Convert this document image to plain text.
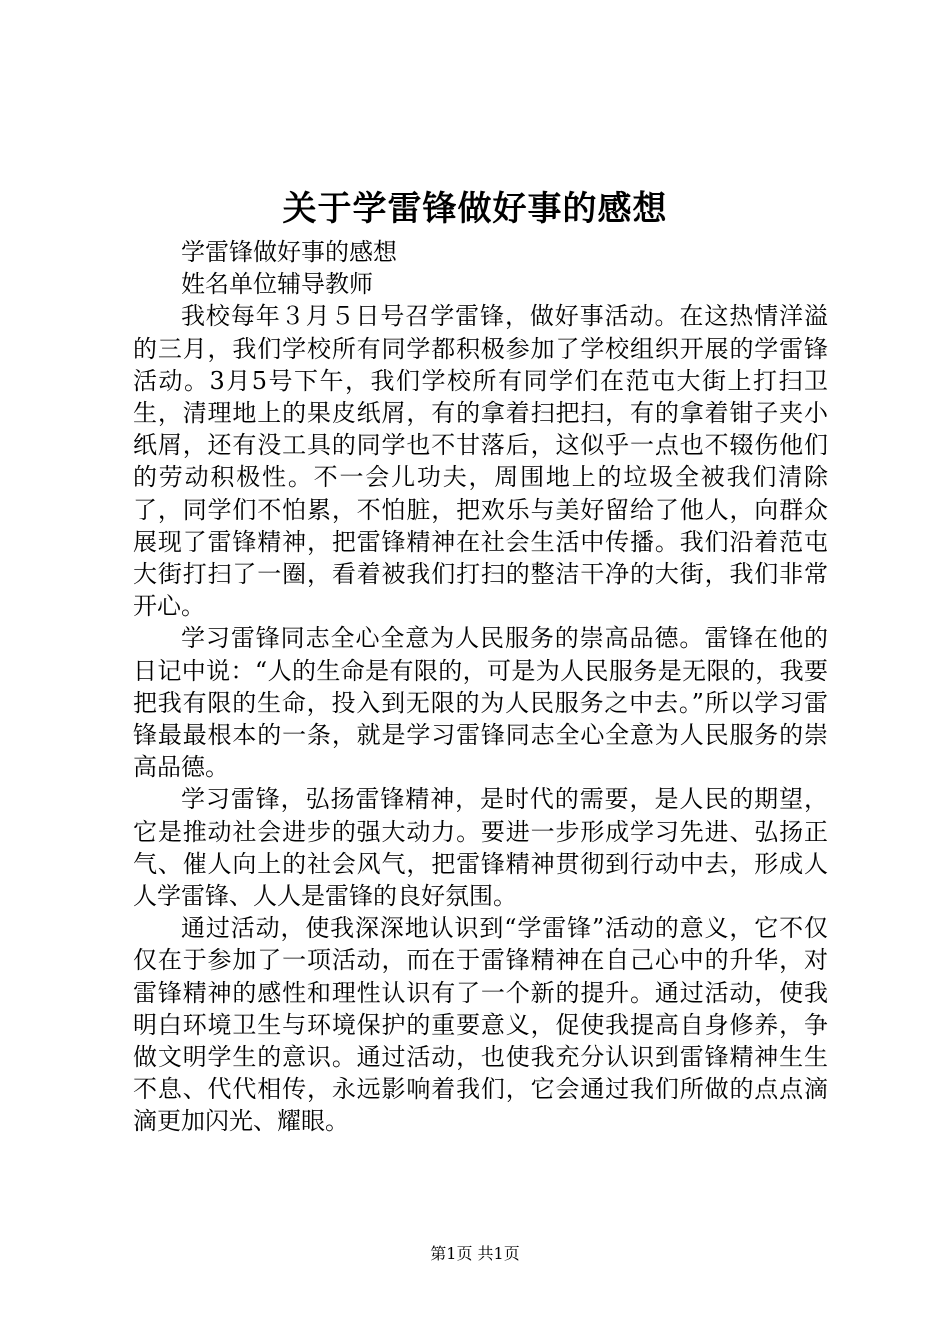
关于学雷锋做好事的感想

学雷锋做好事的感想

姓名单位辅导教师

我校每年３月５日号召学雷锋，做好事活动。在这热情洋溢的三月，我们学校所有同学都积极参加了学校组织开展的学雷锋活动。3月5号下午，我们学校所有同学们在范屯大街上打扫卫生，清理地上的果皮纸屑，有的拿着扫把扫，有的拿着钳子夹小纸屑，还有没工具的同学也不甘落后，这似乎一点也不辍伤他们的劳动积极性。不一会儿功夫，周围地上的垃圾全被我们清除了，同学们不怕累，不怕脏，把欢乐与美好留给了他人，向群众展现了雷锋精神，把雷锋精神在社会生活中传播。我们沿着范屯大街打扫了一圈，看着被我们打扫的整洁干净的大街，我们非常开心。

学习雷锋同志全心全意为人民服务的崇高品德。雷锋在他的日记中说：“人的生命是有限的，可是为人民服务是无限的，我要把我有限的生命，投入到无限的为人民服务之中去。”所以学习雷锋最最根本的一条，就是学习雷锋同志全心全意为人民服务的崇高品德。

学习雷锋，弘扬雷锋精神，是时代的需要，是人民的期望，它是推动社会进步的强大动力。要进一步形成学习先进、弘扬正气、催人向上的社会风气，把雷锋精神贯彻到行动中去，形成人人学雷锋、人人是雷锋的良好氛围。

通过活动，使我深深地认识到“学雷锋”活动的意义，它不仅仅在于参加了一项活动，而在于雷锋精神在自己心中的升华，对雷锋精神的感性和理性认识有了一个新的提升。通过活动，使我明白环境卫生与环境保护的重要意义，促使我提高自身修养，争做文明学生的意识。通过活动，也使我充分认识到雷锋精神生生不息、代代相传，永远影响着我们，它会通过我们所做的点点滴滴更加闪光、耀眼。

第1页 共1页
